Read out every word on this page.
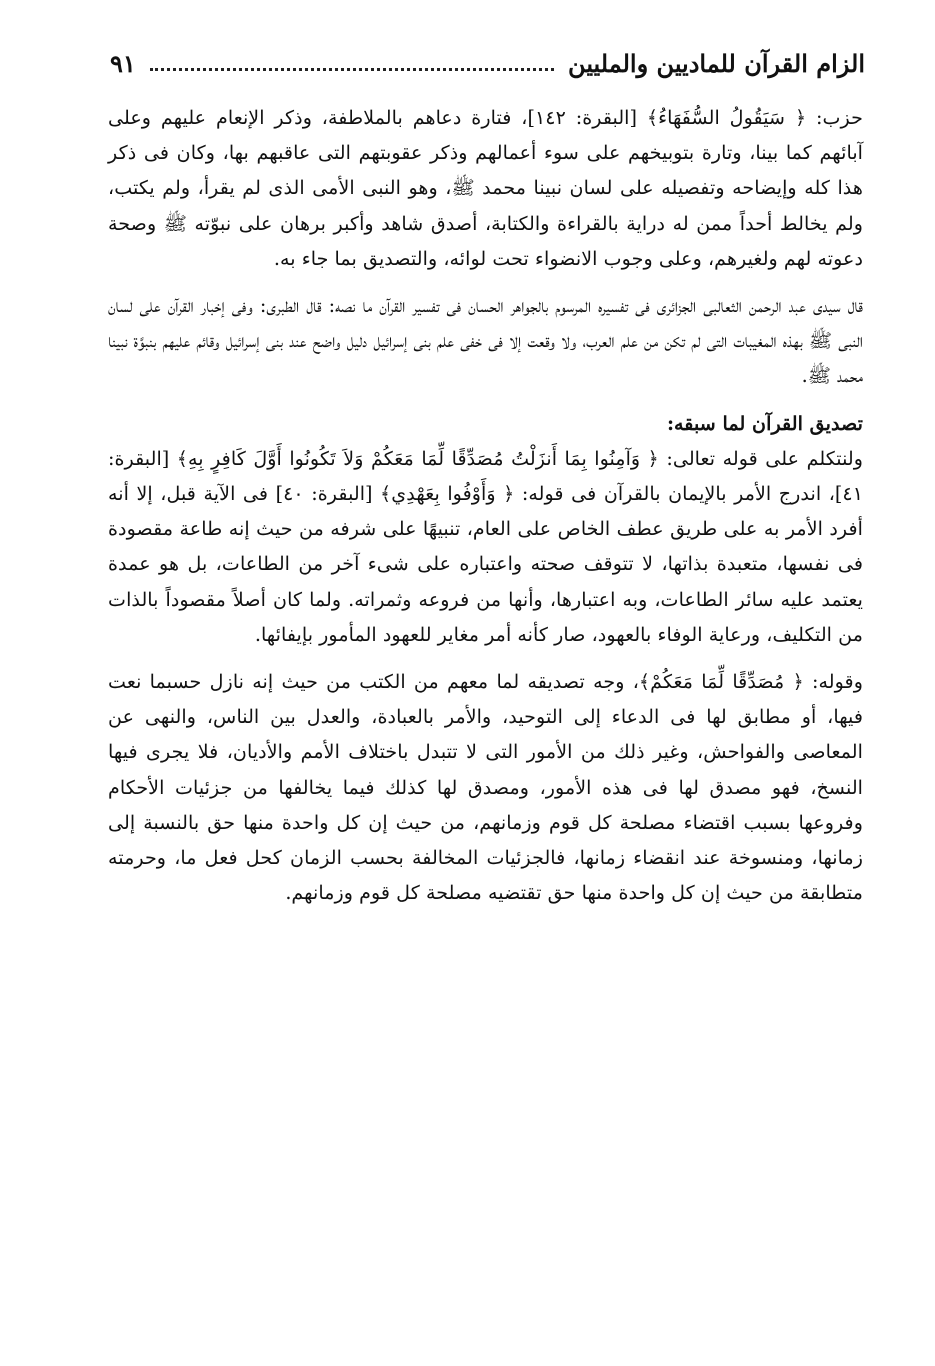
الزام القرآن للماديين والمليين
٩١

حزب: ﴿ سَيَقُولُ السُّفَهَاءُ﴾ [البقرة: ١٤٢]، فتارة دعاهم بالملاطفة، وذكر الإنعام عليهم وعلى آبائهم كما بينا، وتارة بتوبيخهم على سوء أعمالهم وذكر عقوبتهم التى عاقبهم بها، وكان فى ذكر هذا كله وإيضاحه وتفصيله على لسان نبينا محمد ﷺ، وهو النبى الأمى الذى لم يقرأ، ولم يكتب، ولم يخالط أحداً ممن له دراية بالقراءة والكتابة، أصدق شاهد وأكبر برهان على نبوّته ﷺ وصحة دعوته لهم ولغيرهم، وعلى وجوب الانضواء تحت لوائه، والتصديق بما جاء به.

قال سيدى عبد الرحمن الثعالبى الجزائرى فى تفسيره المرسوم بالجواهر الحسان فى تفسير القرآن ما نصه: قال الطبرى: وفى إخبار القرآن على لسان النبى ﷺ بهذه المغيبات التى لم تكن من علم العرب، ولا وقعت إلا فى خفى علم بنى إسرائيل دليل واضح عند بنى إسرائيل وقائم عليهم بنبوَّة نبينا محمد ﷺ.

تصديق القرآن لما سبقه:

ولنتكلم على قوله تعالى: ﴿ وَآمِنُوا بِمَا أَنزَلْتُ مُصَدِّقًا لِّمَا مَعَكُمْ وَلاَ تَكُونُوا أَوَّلَ كَافِرٍ بِهِ﴾ [البقرة: ٤١]، اندرج الأمر بالإيمان بالقرآن فى قوله: ﴿ وَأَوْفُوا بِعَهْدِي﴾ [البقرة: ٤٠] فى الآية قبل، إلا أنه أفرد الأمر به على طريق عطف الخاص على العام، تنبيهًا على شرفه من حيث إنه طاعة مقصودة فى نفسها، متعبدة بذاتها، لا تتوقف صحته واعتباره على شىء آخر من الطاعات، بل هو عمدة يعتمد عليه سائر الطاعات، وبه اعتبارها، وأنها من فروعه وثمراته. ولما كان أصلاً مقصوداً بالذات من التكليف، ورعاية الوفاء بالعهود، صار كأنه أمر مغاير للعهود المأمور بإيفائها.

وقوله: ﴿ مُصَدِّقًا لِّمَا مَعَكُمْ﴾، وجه تصديقه لما معهم من الكتب من حيث إنه نازل حسبما نعت فيها، أو مطابق لها فى الدعاء إلى التوحيد، والأمر بالعبادة، والعدل بين الناس، والنهى عن المعاصى والفواحش، وغير ذلك من الأمور التى لا تتبدل باختلاف الأمم والأديان، فلا يجرى فيها النسخ، فهو مصدق لها فى هذه الأمور، ومصدق لها كذلك فيما يخالفها من جزئيات الأحكام وفروعها بسبب اقتضاء مصلحة كل قوم وزمانهم، من حيث إن كل واحدة منها حق بالنسبة إلى زمانها، ومنسوخة عند انقضاء زمانها، فالجزئيات المخالفة بحسب الزمان كحل فعل ما، وحرمته متطابقة من حيث إن كل واحدة منها حق تقتضيه مصلحة كل قوم وزمانهم.
